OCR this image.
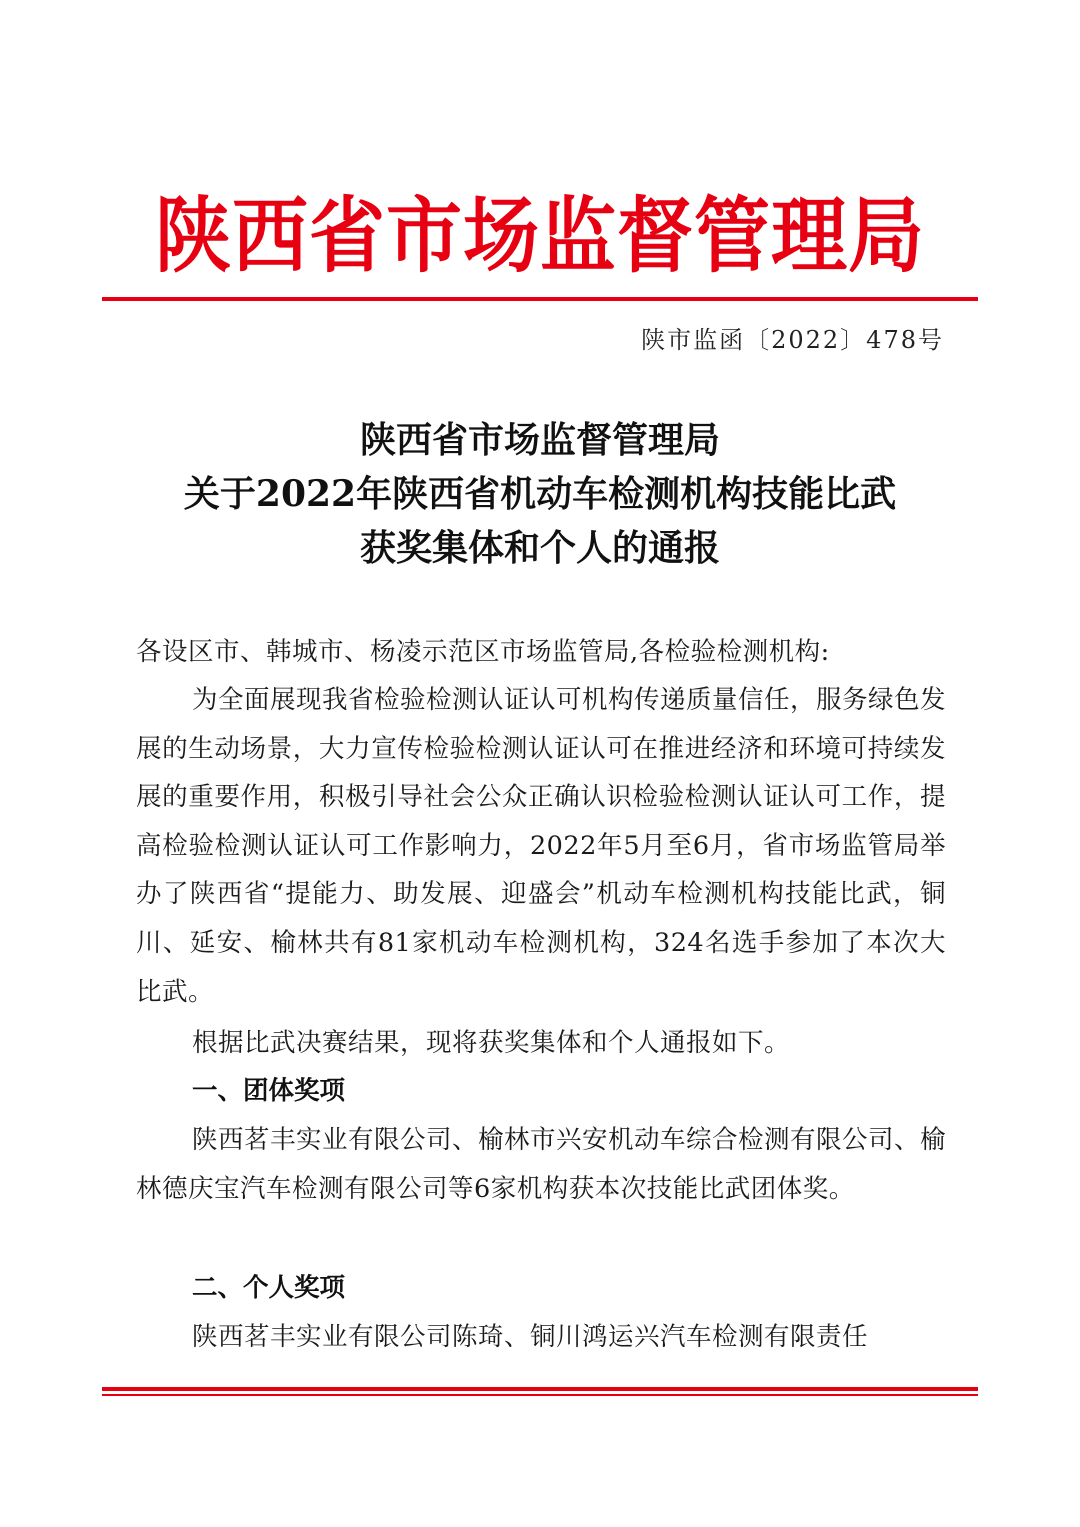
陕西省市场监督管理局
陕市监函〔2022〕478号
陕西省市场监督管理局
关于2022年陕西省机动车检测机构技能比武
获奖集体和个人的通报

各设区市、韩城市、杨凌示范区市场监管局,各检验检测机构:

为全面展现我省检验检测认证认可机构传递质量信任，服务绿色发展的生动场景，大力宣传检验检测认证认可在推进经济和环境可持续发展的重要作用，积极引导社会公众正确认识检验检测认证认可工作，提高检验检测认证认可工作影响力，2022年5月至6月，省市场监管局举办了陕西省“提能力、助发展、迎盛会”机动车检测机构技能比武，铜川、延安、榆林共有81家机动车检测机构，324名选手参加了本次大比武。

根据比武决赛结果，现将获奖集体和个人通报如下。

一、团体奖项

陕西茗丰实业有限公司、榆林市兴安机动车综合检测有限公司、榆林德庆宝汽车检测有限公司等6家机构获本次技能比武团体奖。

二、个人奖项

陕西茗丰实业有限公司陈琦、铜川鸿运兴汽车检测有限责任
